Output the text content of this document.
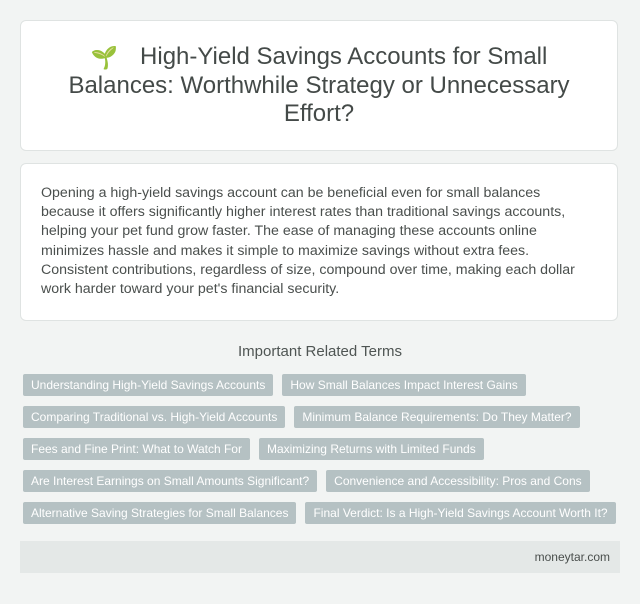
🌱 High-Yield Savings Accounts for Small Balances: Worthwhile Strategy or Unnecessary Effort?

Opening a high-yield savings account can be beneficial even for small balances because it offers significantly higher interest rates than traditional savings accounts, helping your pet fund grow faster. The ease of managing these accounts online minimizes hassle and makes it simple to maximize savings without extra fees. Consistent contributions, regardless of size, compound over time, making each dollar work harder toward your pet's financial security.

Important Related Terms
Understanding High-Yield Savings Accounts	How Small Balances Impact Interest Gains
Comparing Traditional vs. High-Yield Accounts	Minimum Balance Requirements: Do They Matter?
Fees and Fine Print: What to Watch For	Maximizing Returns with Limited Funds
Are Interest Earnings on Small Amounts Significant?	Convenience and Accessibility: Pros and Cons
Alternative Saving Strategies for Small Balances	Final Verdict: Is a High-Yield Savings Account Worth It?
moneytar.com
